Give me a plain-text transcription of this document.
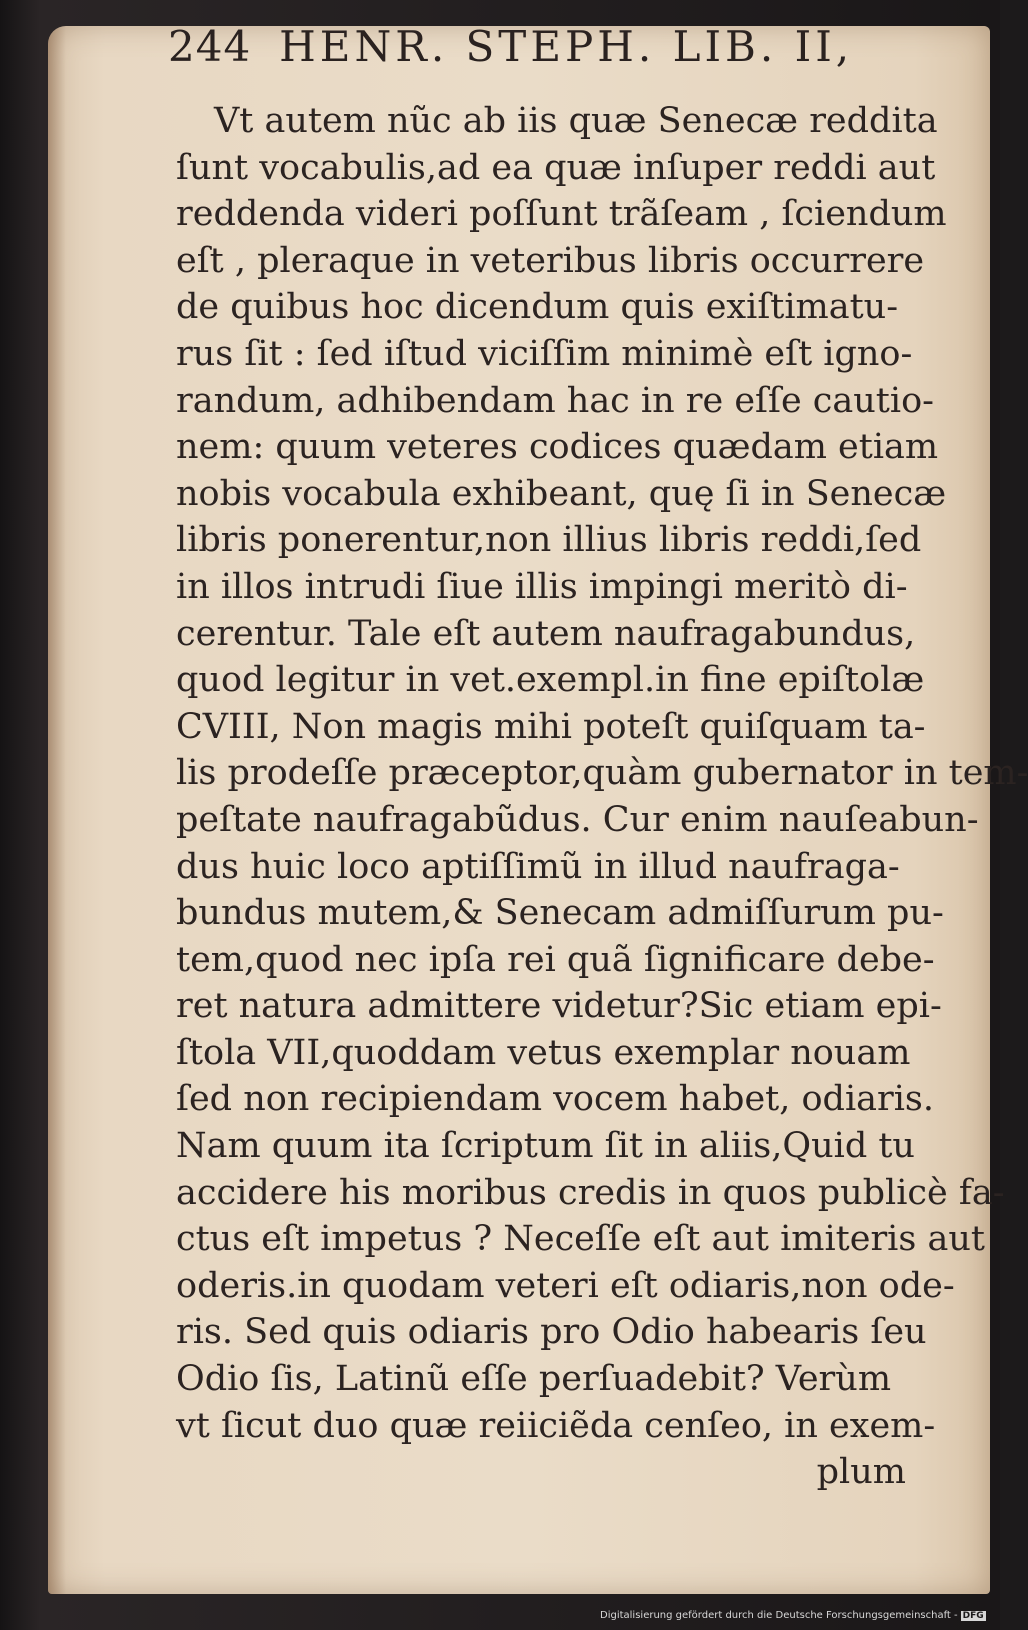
244 HENR. STEPH. LIB. II,
Vt autem nũc ab iis quæ Senecæ reddita
ſunt vocabulis,ad ea quæ inſuper reddi aut
reddenda videri poſſunt trãſeam , ſciendum
eſt , pleraque in veteribus libris occurrere
de quibus hoc dicendum quis exiſtimatu-
rus ſit : ſed iſtud viciſſim minimè eſt igno-
randum, adhibendam hac in re eſſe cautio-
nem: quum veteres codices quædam etiam
nobis vocabula exhibeant, quę ſi in Senecæ
libris ponerentur,non illius libris reddi,ſed
in illos intrudi ſiue illis impingi meritò di-
cerentur. Tale eſt autem naufragabundus,
quod legitur in vet.exempl.in fine epiſtolæ
CVIII, Non magis mihi poteſt quiſquam ta-
lis prodeſſe præceptor,quàm gubernator in tem-
peſtate naufragabũdus. Cur enim nauſeabun-
dus huic loco aptiſſimũ in illud naufraga-
bundus mutem,& Senecam admiſſurum pu-
tem,quod nec ipſa rei quã ſignificare debe-
ret natura admittere videtur?Sic etiam epi-
ſtola VII,quoddam vetus exemplar nouam
ſed non recipiendam vocem habet, odiaris.
Nam quum ita ſcriptum ſit in aliis,Quid tu
accidere his moribus credis in quos publicè fa-
ctus eſt impetus ? Neceſſe eſt aut imiteris aut
oderis.in quodam veteri eſt odiaris,non ode-
ris. Sed quis odiaris pro Odio habearis ſeu
Odio ſis, Latinũ eſſe perſuadebit? Verùm
vt ſicut duo quæ reiiciẽda cenſeo, in exem-
plum
Digitalisierung gefördert durch die Deutsche Forschungsgemeinschaft - DFG
